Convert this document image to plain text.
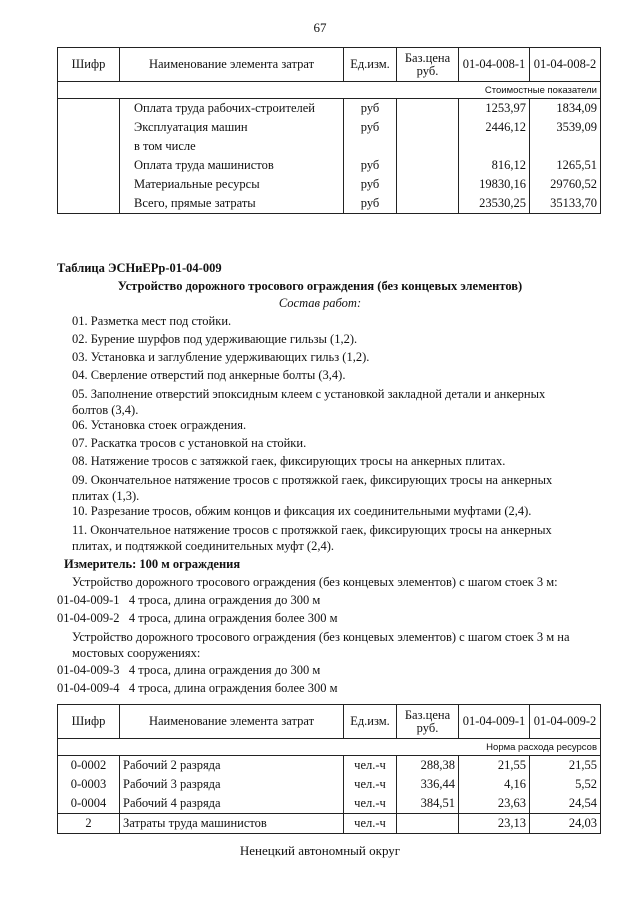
67
Шифр	Наименование элемента затрат	Ед.изм.	Баз.цена руб.	01-04-008-1	01-04-008-2
Стоимостные показатели					
	Оплата труда рабочих-строителей	руб		1253,97	1834,09
	Эксплуатация машин	руб		2446,12	3539,09
	в том числе				
	Оплата труда машинистов	руб		816,12	1265,51
	Материальные ресурсы	руб		19830,16	29760,52
	Всего, прямые затраты	руб		23530,25	35133,70
Таблица ЭСНиЕРр-01-04-009
Устройство дорожного тросового ограждения (без концевых элементов)
Состав работ:
01. Разметка мест под стойки.
02. Бурение шурфов под удерживающие гильзы (1,2).
03. Установка и заглубление удерживающих гильз (1,2).
04. Сверление отверстий под анкерные болты (3,4).
05. Заполнение отверстий эпоксидным клеем с установкой закладной детали и анкерных болтов (3,4).
06. Установка стоек ограждения.
07. Раскатка тросов с установкой на стойки.
08. Натяжение тросов с затяжкой гаек, фиксирующих тросы на анкерных плитах.
09. Окончательное натяжение тросов с протяжкой гаек, фиксирующих тросы на анкерных плитах (1,3).
10. Разрезание тросов, обжим концов и фиксация их соединительными муфтами (2,4).
11. Окончательное натяжение тросов с протяжкой гаек, фиксирующих тросы на анкерных плитах, и подтяжкой соединительных муфт (2,4).
Измеритель: 100 м ограждения
Устройство дорожного тросового ограждения (без концевых элементов) с шагом стоек 3 м:
01-04-009-1 4 троса, длина ограждения до 300 м
01-04-009-2 4 троса, длина ограждения более 300 м
Устройство дорожного тросового ограждения (без концевых элементов) с шагом стоек 3 м на мостовых сооружениях:
01-04-009-3 4 троса, длина ограждения до 300 м
01-04-009-4 4 троса, длина ограждения более 300 м
Шифр	Наименование элемента затрат	Ед.изм.	Баз.цена руб.	01-04-009-1	01-04-009-2
Норма расхода ресурсов					
0-0002	Рабочий 2 разряда	чел.-ч	288,38	21,55	21,55
0-0003	Рабочий 3 разряда	чел.-ч	336,44	4,16	5,52
0-0004	Рабочий 4 разряда	чел.-ч	384,51	23,63	24,54
2	Затраты труда машинистов	чел.-ч		23,13	24,03
Ненецкий автономный округ
